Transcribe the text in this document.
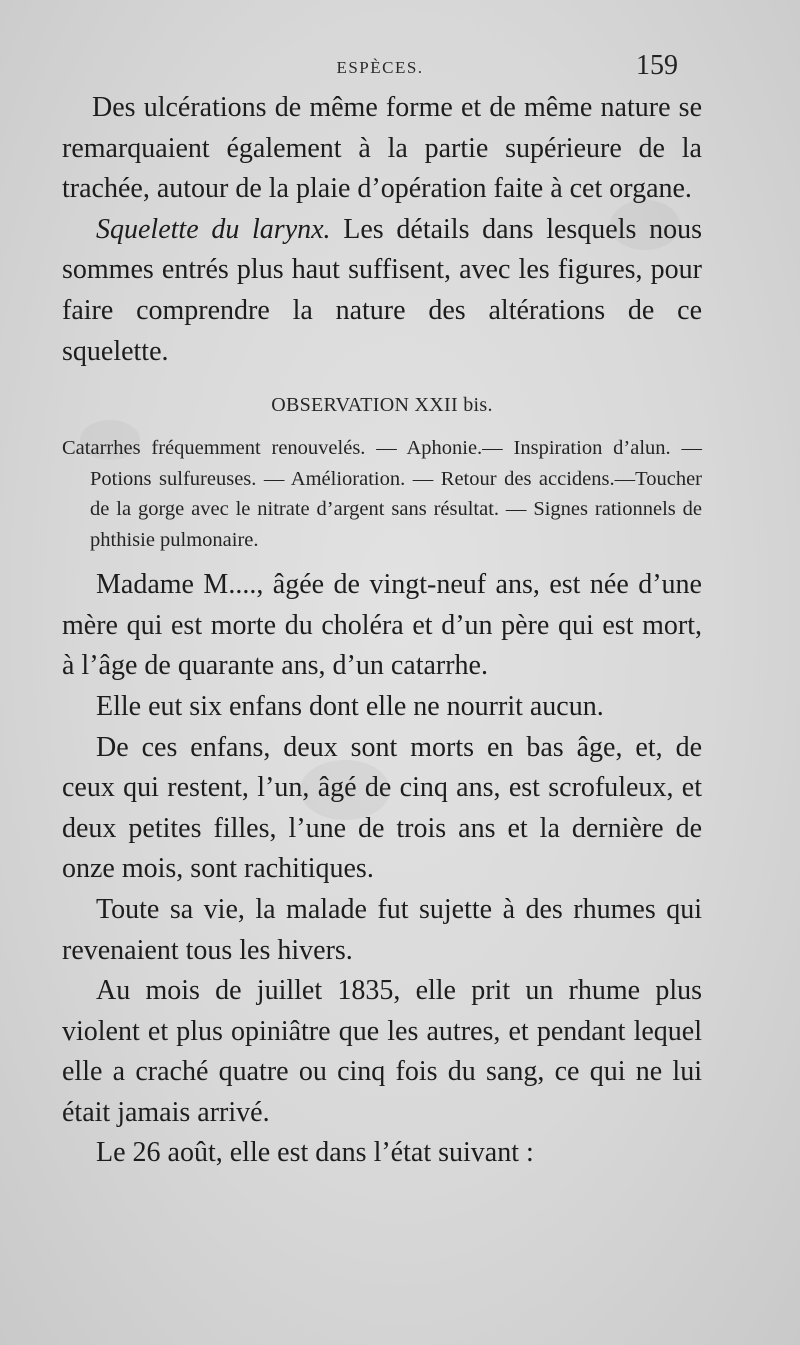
ESPÈCES.	159

Des ulcérations de même forme et de même nature se remarquaient également à la partie supérieure de la trachée, autour de la plaie d’opération faite à cet organe.

Squelette du larynx. Les détails dans lesquels nous sommes entrés plus haut suffisent, avec les figures, pour faire comprendre la nature des altérations de ce squelette.

OBSERVATION XXII bis.

Catarrhes fréquemment renouvelés. — Aphonie.— Inspiration d’alun. — Potions sulfureuses. — Amélioration. — Retour des accidens.—Toucher de la gorge avec le nitrate d’argent sans résultat. — Signes rationnels de phthisie pulmonaire.

Madame M...., âgée de vingt-neuf ans, est née d’une mère qui est morte du choléra et d’un père qui est mort, à l’âge de quarante ans, d’un catarrhe.

Elle eut six enfans dont elle ne nourrit aucun.

De ces enfans, deux sont morts en bas âge, et, de ceux qui restent, l’un, âgé de cinq ans, est scrofuleux, et deux petites filles, l’une de trois ans et la dernière de onze mois, sont rachitiques.

Toute sa vie, la malade fut sujette à des rhumes qui revenaient tous les hivers.

Au mois de juillet 1835, elle prit un rhume plus violent et plus opiniâtre que les autres, et pendant lequel elle a craché quatre ou cinq fois du sang, ce qui ne lui était jamais arrivé.

Le 26 août, elle est dans l’état suivant :
